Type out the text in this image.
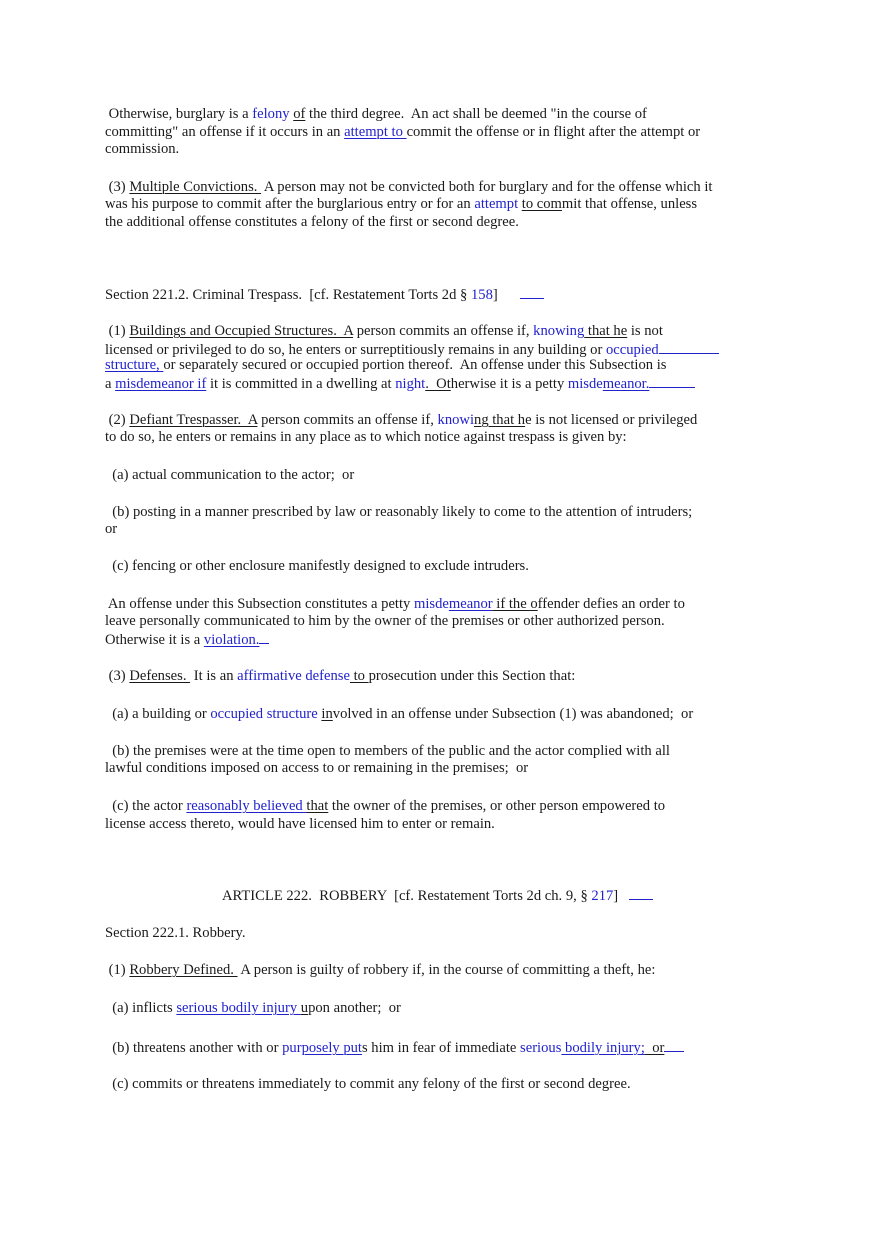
Otherwise, burglary is a felony of the third degree.  An act shall be deemed "in the course of
committing" an offense if it occurs in an attempt to commit the offense or in flight after the attempt or
commission.
(3) Multiple Convictions.  A person may not be convicted both for burglary and for the offense which it
was his purpose to commit after the burglarious entry or for an attempt to commit that offense, unless
the additional offense constitutes a felony of the first or second degree.
Section 221.2. Criminal Trespass.  [cf. Restatement Torts 2d § 158]
(1) Buildings and Occupied Structures.  A person commits an offense if, knowing that he is not
licensed or privileged to do so, he enters or surreptitiously remains in any building or occupied
structure, or separately secured or occupied portion thereof.  An offense under this Subsection is
a misdemeanor if it is committed in a dwelling at night.  Otherwise it is a petty misdemeanor.
(2) Defiant Trespasser.  A person commits an offense if, knowing that he is not licensed or privileged
to do so, he enters or remains in any place as to which notice against trespass is given by:
(a) actual communication to the actor;  or
(b) posting in a manner prescribed by law or reasonably likely to come to the attention of intruders;
or
(c) fencing or other enclosure manifestly designed to exclude intruders.
An offense under this Subsection constitutes a petty misdemeanor if the offender defies an order to
leave personally communicated to him by the owner of the premises or other authorized person.
Otherwise it is a violation.
(3) Defenses.  It is an affirmative defense to prosecution under this Section that:
(a) a building or occupied structure involved in an offense under Subsection (1) was abandoned;  or
(b) the premises were at the time open to members of the public and the actor complied with all
lawful conditions imposed on access to or remaining in the premises;  or
(c) the actor reasonably believed that the owner of the premises, or other person empowered to
license access thereto, would have licensed him to enter or remain.
ARTICLE 222.  ROBBERY  [cf. Restatement Torts 2d ch. 9, § 217]
Section 222.1. Robbery.
(1) Robbery Defined.  A person is guilty of robbery if, in the course of committing a theft, he:
(a) inflicts serious bodily injury upon another;  or
(b) threatens another with or purposely puts him in fear of immediate serious bodily injury;  or
(c) commits or threatens immediately to commit any felony of the first or second degree.
